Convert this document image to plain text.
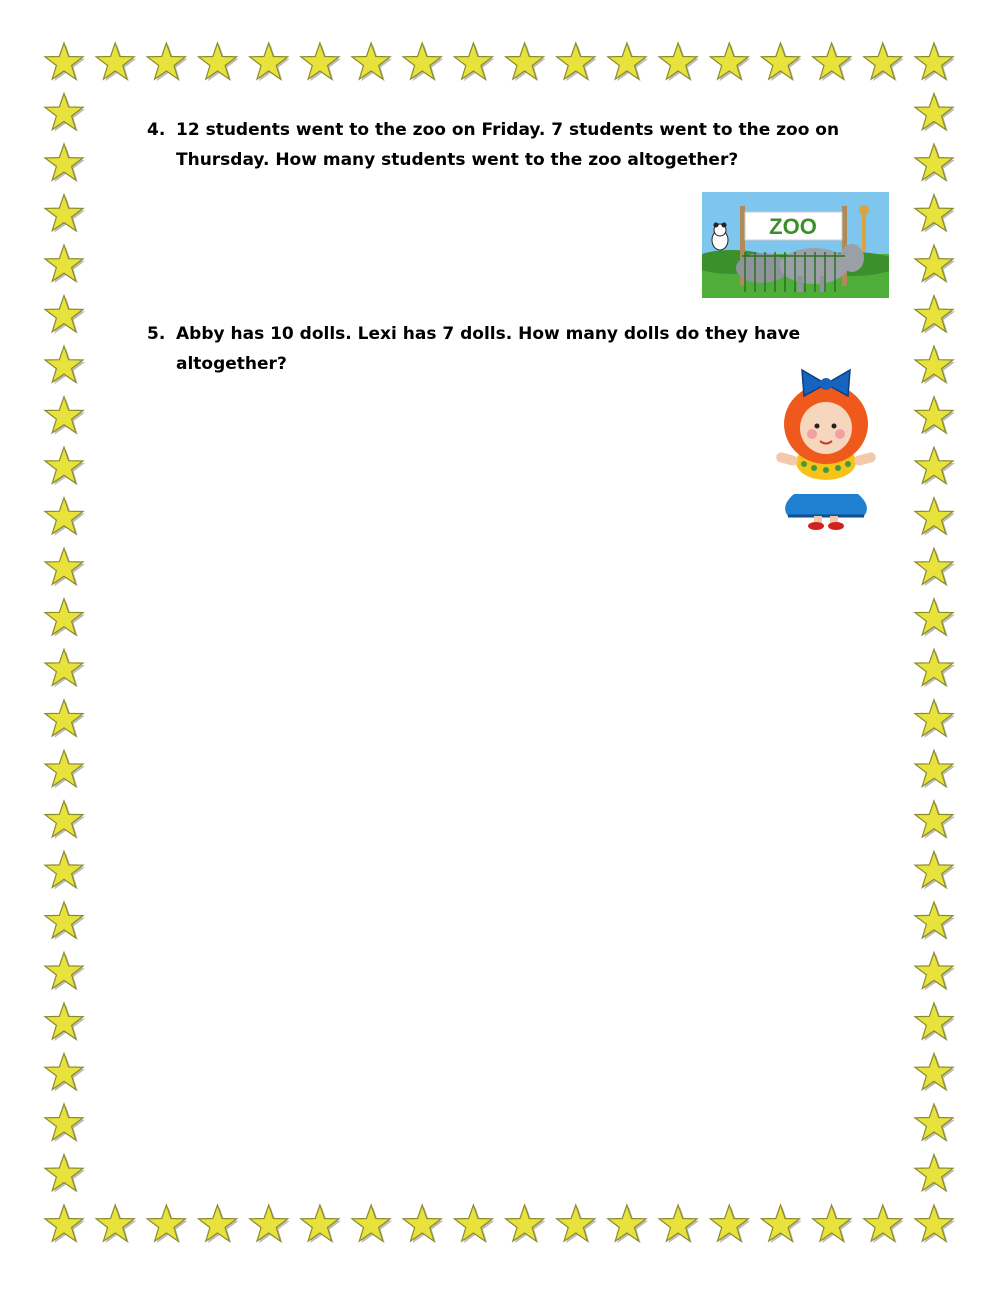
4. 12 students went to the zoo on Friday. 7 students went to the zoo on Thursday. How many students went to the zoo altogether?
ZOO
5. Abby has 10 dolls. Lexi has 7 dolls. How many dolls do they have altogether?
